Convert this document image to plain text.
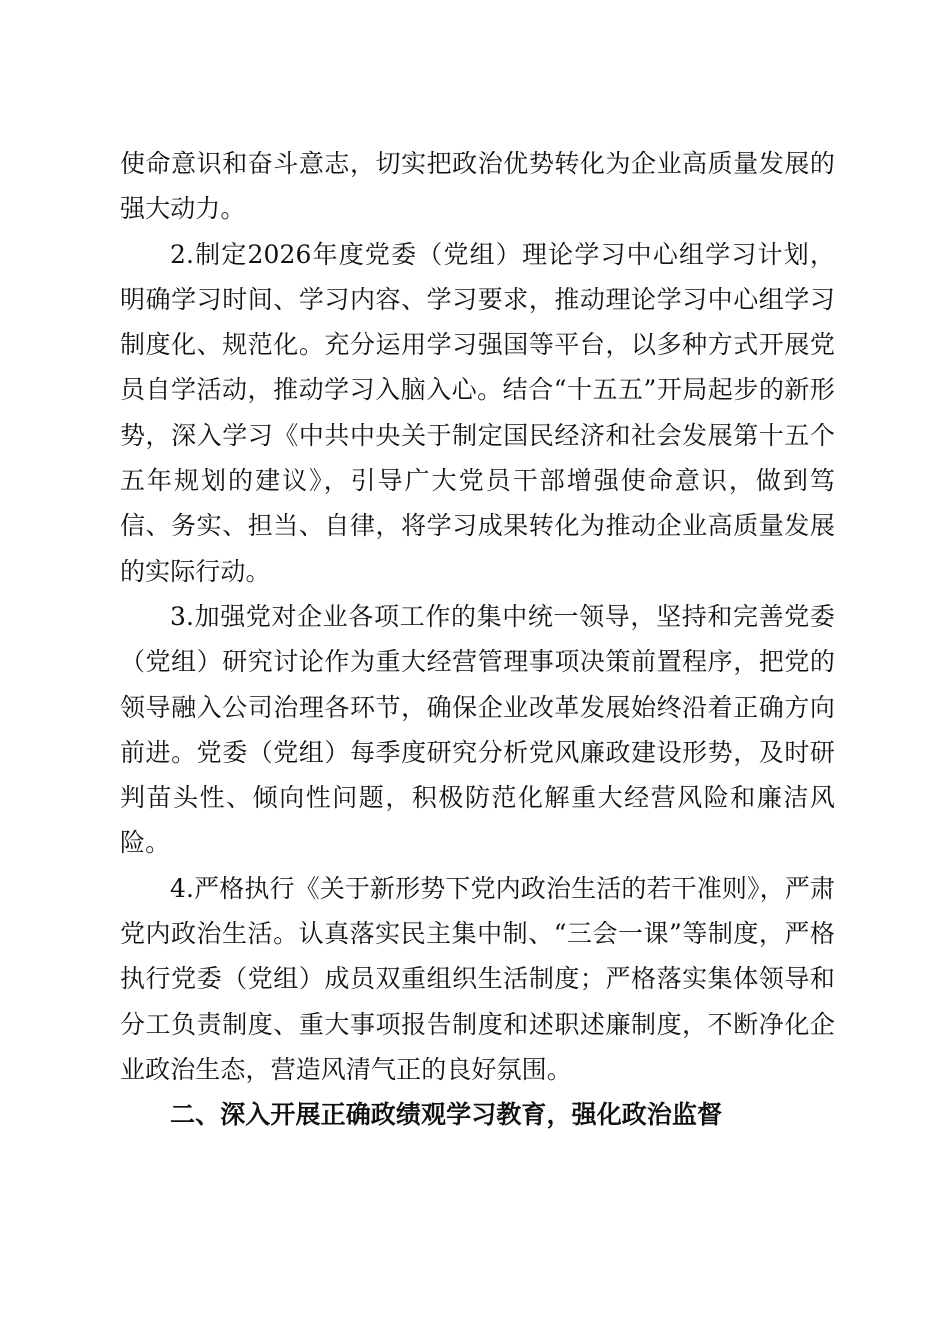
使命意识和奋斗意志，切实把政治优势转化为企业高质量发展的强大动力。

2.制定2026年度党委（党组）理论学习中心组学习计划，明确学习时间、学习内容、学习要求，推动理论学习中心组学习制度化、规范化。充分运用学习强国等平台，以多种方式开展党员自学活动，推动学习入脑入心。结合“十五五”开局起步的新形势，深入学习《中共中央关于制定国民经济和社会发展第十五个五年规划的建议》，引导广大党员干部增强使命意识，做到笃信、务实、担当、自律，将学习成果转化为推动企业高质量发展的实际行动。

3.加强党对企业各项工作的集中统一领导，坚持和完善党委（党组）研究讨论作为重大经营管理事项决策前置程序，把党的领导融入公司治理各环节，确保企业改革发展始终沿着正确方向前进。党委（党组）每季度研究分析党风廉政建设形势，及时研判苗头性、倾向性问题，积极防范化解重大经营风险和廉洁风险。

4.严格执行《关于新形势下党内政治生活的若干准则》，严肃党内政治生活。认真落实民主集中制、“三会一课”等制度，严格执行党委（党组）成员双重组织生活制度；严格落实集体领导和分工负责制度、重大事项报告制度和述职述廉制度，不断净化企业政治生态，营造风清气正的良好氛围。

二、深入开展正确政绩观学习教育，强化政治监督
